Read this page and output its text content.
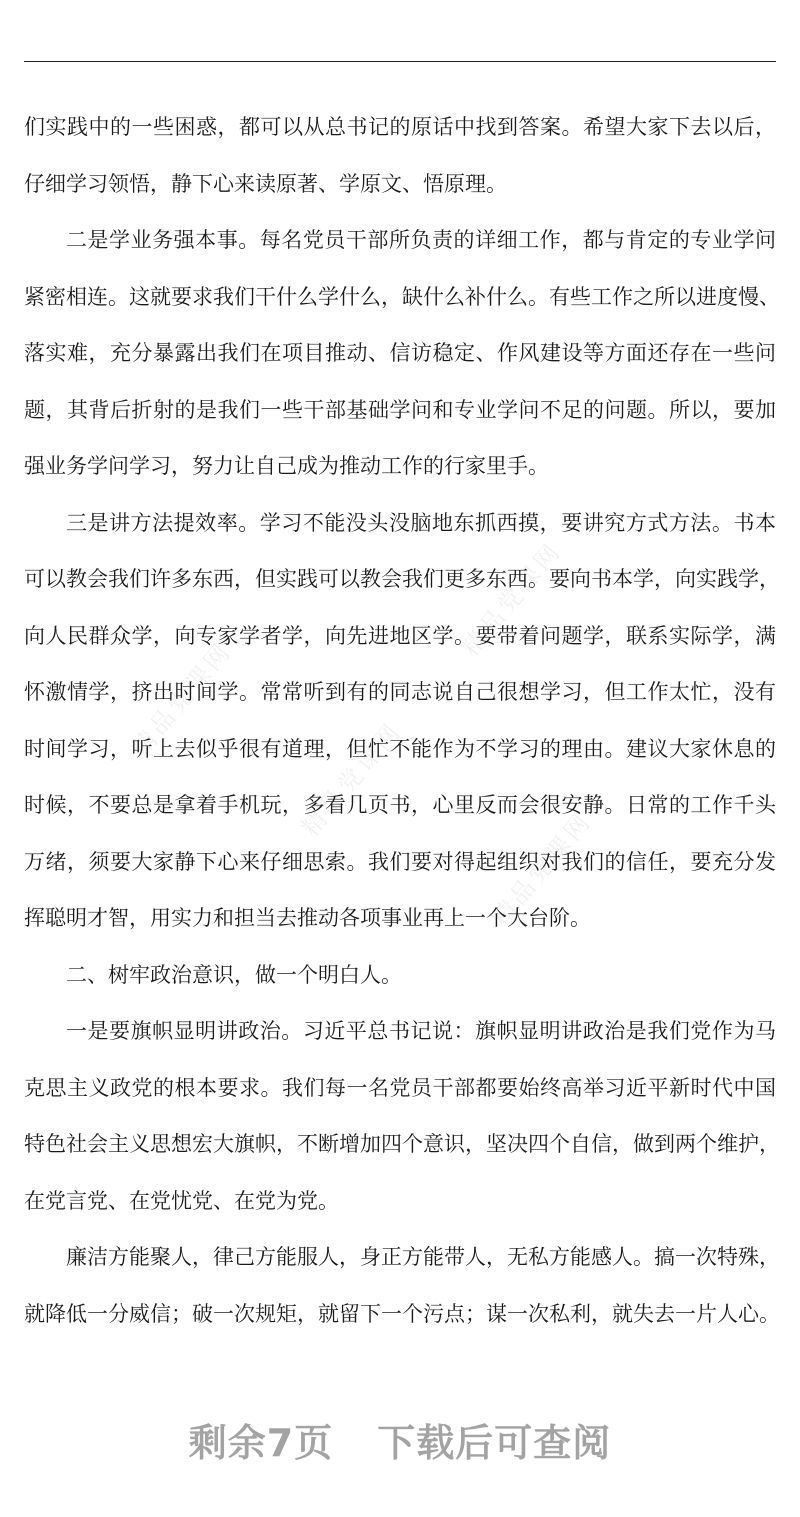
精品党课网
精品党课网
精品党课网
精品党课网
们实践中的一些困惑，都可以从总书记的原话中找到答案。希望大家下去以后，
仔细学习领悟，静下心来读原著、学原文、悟原理。
二是学业务强本事。每名党员干部所负责的详细工作，都与肯定的专业学问
紧密相连。这就要求我们干什么学什么，缺什么补什么。有些工作之所以进度慢、
落实难，充分暴露出我们在项目推动、信访稳定、作风建设等方面还存在一些问
题，其背后折射的是我们一些干部基础学问和专业学问不足的问题。所以，要加
强业务学问学习，努力让自己成为推动工作的行家里手。
三是讲方法提效率。学习不能没头没脑地东抓西摸，要讲究方式方法。书本
可以教会我们许多东西，但实践可以教会我们更多东西。要向书本学，向实践学，
向人民群众学，向专家学者学，向先进地区学。要带着问题学，联系实际学，满
怀激情学，挤出时间学。常常听到有的同志说自己很想学习，但工作太忙，没有
时间学习，听上去似乎很有道理，但忙不能作为不学习的理由。建议大家休息的
时候，不要总是拿着手机玩，多看几页书，心里反而会很安静。日常的工作千头
万绪，须要大家静下心来仔细思索。我们要对得起组织对我们的信任，要充分发
挥聪明才智，用实力和担当去推动各项事业再上一个大台阶。
二、树牢政治意识，做一个明白人。
一是要旗帜显明讲政治。习近平总书记说：旗帜显明讲政治是我们党作为马
克思主义政党的根本要求。我们每一名党员干部都要始终高举习近平新时代中国
特色社会主义思想宏大旗帜，不断增加四个意识，坚决四个自信，做到两个维护，
在党言党、在党忧党、在党为党。
廉洁方能聚人，律己方能服人，身正方能带人，无私方能感人。搞一次特殊，
就降低一分威信；破一次规矩，就留下一个污点；谋一次私利，就失去一片人心。
剩余7页 下载后可查阅
